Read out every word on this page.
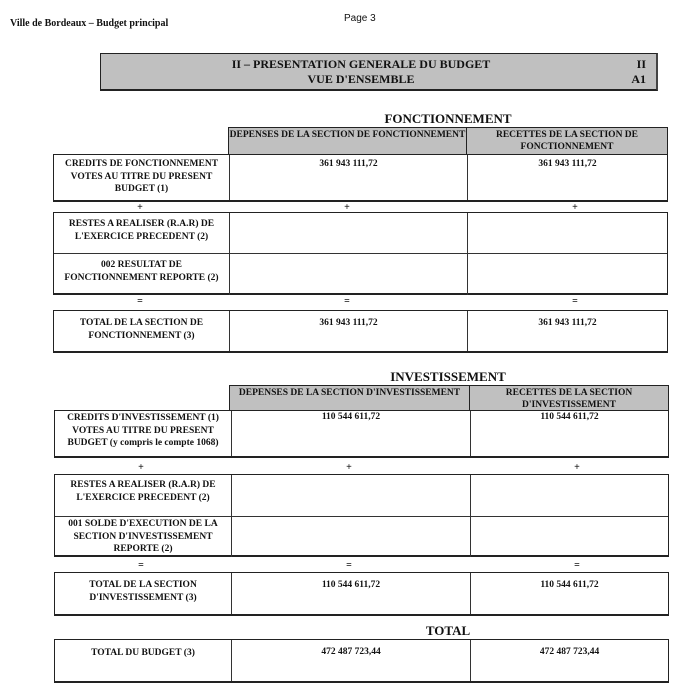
Ville de Bordeaux – Budget principal	Page 3
II – PRESENTATION GENERALE DU BUDGET
VUE D'ENSEMBLE
II
A1
FONCTIONNEMENT
DEPENSES DE LA SECTION DE FONCTIONNEMENT	RECETTES DE LA SECTION DE FONCTIONNEMENT
CREDITS DE FONCTIONNEMENT VOTES AU TITRE DU PRESENT BUDGET (1)
361 943 111,72	361 943 111,72
+	+	+
RESTES A REALISER (R.A.R) DE L'EXERCICE PRECEDENT (2)
002 RESULTAT DE FONCTIONNEMENT REPORTE (2)
=	=	=
TOTAL DE LA SECTION DE FONCTIONNEMENT (3)
361 943 111,72	361 943 111,72
INVESTISSEMENT
DEPENSES DE LA SECTION D'INVESTISSEMENT	RECETTES DE LA SECTION D'INVESTISSEMENT
CREDITS D'INVESTISSEMENT (1) VOTES AU TITRE DU PRESENT BUDGET (y compris le compte 1068)
110 544 611,72	110 544 611,72
+	+	+
RESTES A REALISER (R.A.R) DE L'EXERCICE PRECEDENT (2)
001 SOLDE D'EXECUTION DE LA SECTION D'INVESTISSEMENT REPORTE (2)
=	=	=
TOTAL DE LA SECTION D'INVESTISSEMENT (3)
110 544 611,72	110 544 611,72
TOTAL
TOTAL DU BUDGET (3)	472 487 723,44	472 487 723,44
